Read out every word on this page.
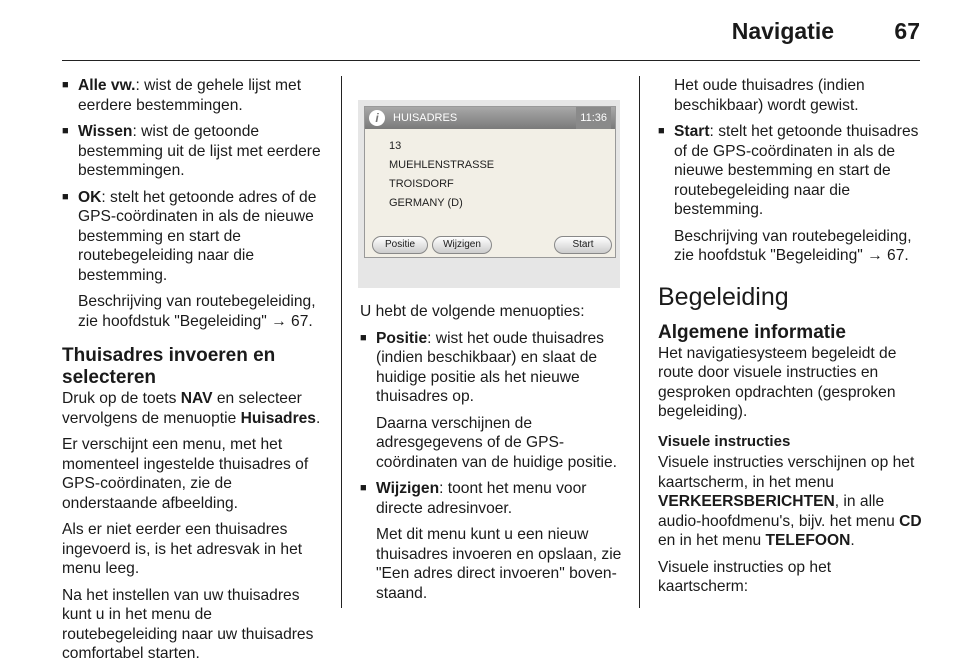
Navigatie	67
■ Alle vw.: wist de gehele lijst met eerdere bestemmingen.
■ Wissen: wist de getoonde bestemming uit de lijst met eerdere bestemmingen.
■ OK: stelt het getoonde adres of de GPS-coördinaten in als de nieuwe bestemming en start de routebegeleiding naar die bestemming.
Beschrijving van routebegeleiding, zie hoofdstuk "Begeleiding" → 67.
Thuisadres invoeren en selecteren

Druk op de toets NAV en selecteer vervolgens de menuoptie Huisadres.

Er verschijnt een menu, met het momenteel ingestelde thuisadres of GPS-coördinaten, zie de onderstaande afbeelding.

Als er niet eerder een thuisadres ingevoerd is, is het adresvak in het menu leeg.

Na het instellen van uw thuisadres kunt u in het menu de routebegeleiding naar uw thuisadres comfortabel starten.

i	HUISADRES	11:36
13
MUEHLENSTRASSE
TROISDORF
GERMANY (D)
Positie	Wijzigen	Start

U hebt de volgende menuopties:

■ Positie: wist het oude thuisadres (indien beschikbaar) en slaat de huidige positie als het nieuwe thuisadres op.
Daarna verschijnen de adresgegevens of de GPS-coördinaten van de huidige positie.
■ Wijzigen: toont het menu voor directe adresinvoer.
Met dit menu kunt u een nieuw thuisadres invoeren en opslaan, zie "Een adres direct invoeren" boven-staand.
Het oude thuisadres (indien beschikbaar) wordt gewist.
■ Start: stelt het getoonde thuisadres of de GPS-coördinaten in als de nieuwe bestemming en start de routebegeleiding naar die bestemming.
Beschrijving van routebegeleiding, zie hoofdstuk "Begeleiding" → 67.
Begeleiding
Algemene informatie

Het navigatiesysteem begeleidt de route door visuele instructies en gesproken opdrachten (gesproken begeleiding).

Visuele instructies

Visuele instructies verschijnen op het kaartscherm, in het menu VERKEERSBERICHTEN, in alle audio-hoofdmenu's, bijv. het menu CD en in het menu TELEFOON.

Visuele instructies op het kaartscherm:
